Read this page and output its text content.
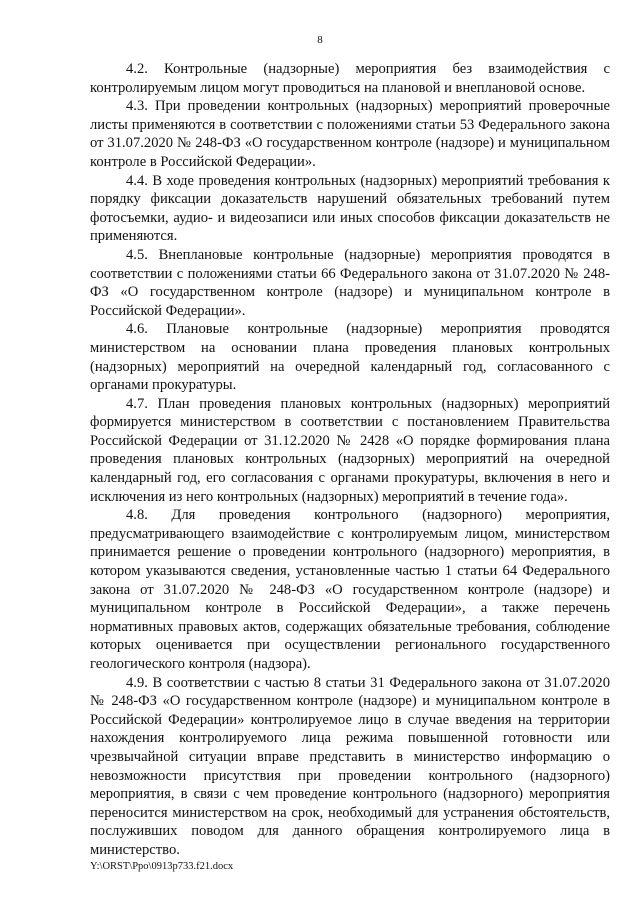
8

4.2. Контрольные (надзорные) мероприятия без взаимодействия с контролируемым лицом могут проводиться на плановой и внеплановой основе.

4.3. При проведении контрольных (надзорных) мероприятий проверочные листы применяются в соответствии с положениями статьи 53 Федерального закона от 31.07.2020 № 248-ФЗ «О государственном контроле (надзоре) и муниципальном контроле в Российской Федерации».

4.4. В ходе проведения контрольных (надзорных) мероприятий требования к порядку фиксации доказательств нарушений обязательных требований путем фотосъемки, аудио- и видеозаписи или иных способов фиксации доказательств не применяются.

4.5. Внеплановые контрольные (надзорные) мероприятия проводятся в соответствии с положениями статьи 66 Федерального закона от 31.07.2020 № 248-ФЗ «О государственном контроле (надзоре) и муниципальном контроле в Российской Федерации».

4.6. Плановые контрольные (надзорные) мероприятия проводятся министерством на основании плана проведения плановых контрольных (надзорных) мероприятий на очередной календарный год, согласованного с органами прокуратуры.

4.7. План проведения плановых контрольных (надзорных) мероприятий формируется министерством в соответствии с постановлением Правительства Российской Федерации от 31.12.2020 № 2428 «О порядке формирования плана проведения плановых контрольных (надзорных) мероприятий на очередной календарный год, его согласования с органами прокуратуры, включения в него и исключения из него контрольных (надзорных) мероприятий в течение года».

4.8. Для проведения контрольного (надзорного) мероприятия, предусматривающего взаимодействие с контролируемым лицом, министерством принимается решение о проведении контрольного (надзорного) мероприятия, в котором указываются сведения, установленные частью 1 статьи 64 Федерального закона от 31.07.2020 № 248-ФЗ «О государственном контроле (надзоре) и муниципальном контроле в Российской Федерации», а также перечень нормативных правовых актов, содержащих обязательные требования, соблюдение которых оценивается при осуществлении регионального государственного геологического контроля (надзора).

4.9. В соответствии с частью 8 статьи 31 Федерального закона от 31.07.2020 № 248-ФЗ «О государственном контроле (надзоре) и муниципальном контроле в Российской Федерации» контролируемое лицо в случае введения на территории нахождения контролируемого лица режима повышенной готовности или чрезвычайной ситуации вправе представить в министерство информацию о невозможности присутствия при проведении контрольного (надзорного) мероприятия, в связи с чем проведение контрольного (надзорного) мероприятия переносится министерством на срок, необходимый для устранения обстоятельств, послуживших поводом для данного обращения контролируемого лица в министерство.

Y:\ORST\Ppo\0913p733.f21.docx
